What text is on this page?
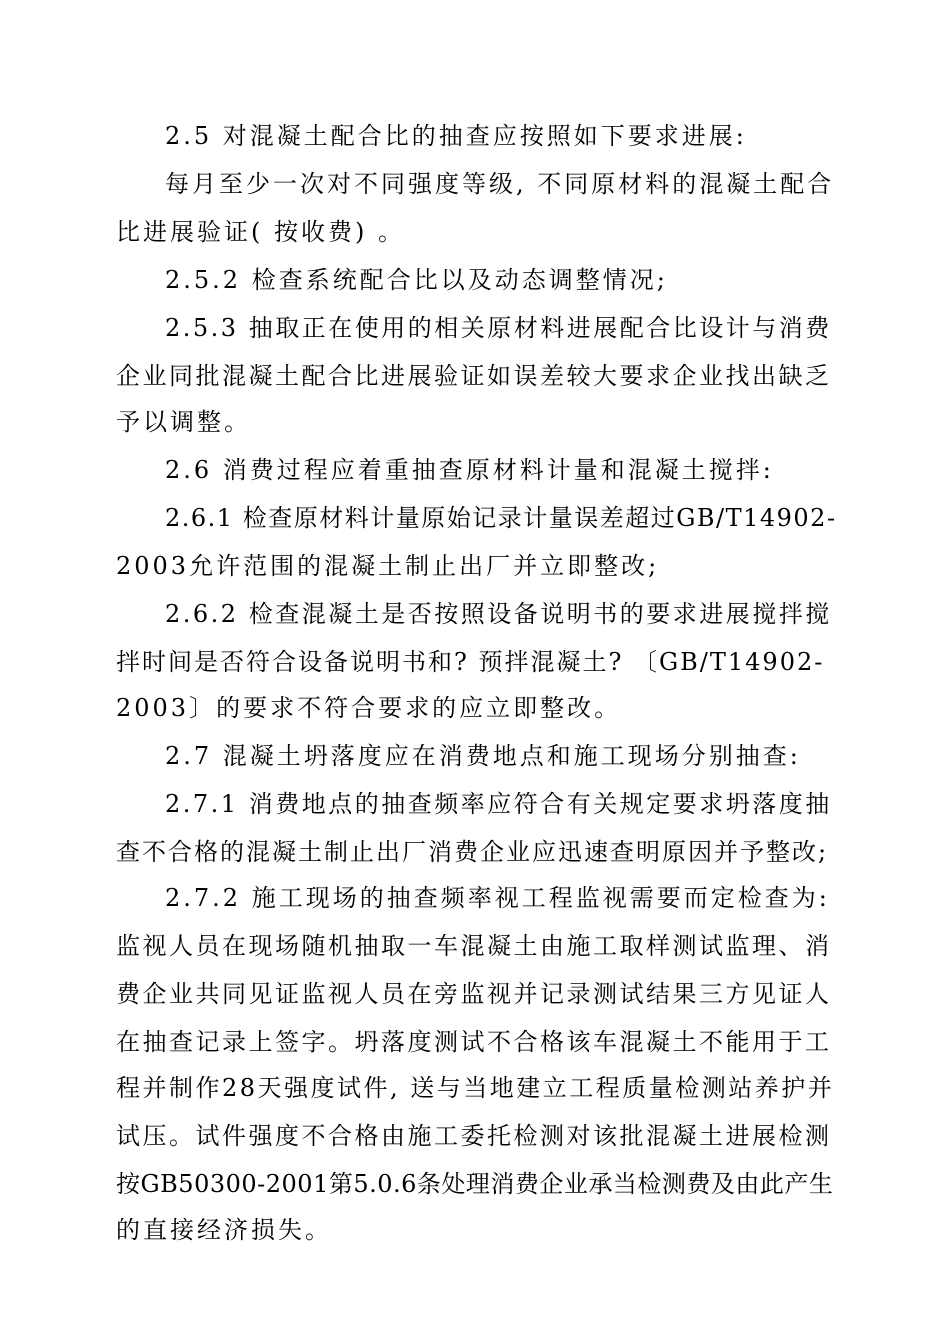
2.5 对混凝土配合比的抽查应按照如下要求进展:
每月至少一次对不同强度等级, 不同原材料的混凝土配合
比进展验证( 按收费) 。
2.5.2 检查系统配合比以及动态调整情况;
2.5.3 抽取正在使用的相关原材料进展配合比设计与消费
企业同批混凝土配合比进展验证如误差较大要求企业找出缺乏
予以调整。
2.6 消费过程应着重抽查原材料计量和混凝土搅拌:
2.6.1 检查原材料计量原始记录计量误差超过GB/T14902-
2003允许范围的混凝土制止出厂并立即整改;
2.6.2 检查混凝土是否按照设备说明书的要求进展搅拌搅
拌时间是否符合设备说明书和? 预拌混凝土? 〔GB/T14902-
2003〕的要求不符合要求的应立即整改。
2.7 混凝土坍落度应在消费地点和施工现场分别抽查:
2.7.1 消费地点的抽查频率应符合有关规定要求坍落度抽
查不合格的混凝土制止出厂消费企业应迅速查明原因并予整改;
2.7.2 施工现场的抽查频率视工程监视需要而定检查为:
监视人员在现场随机抽取一车混凝土由施工取样测试监理、消
费企业共同见证监视人员在旁监视并记录测试结果三方见证人
在抽查记录上签字。坍落度测试不合格该车混凝土不能用于工
程并制作28天强度试件, 送与当地建立工程质量检测站养护并
试压。试件强度不合格由施工委托检测对该批混凝土进展检测
按GB50300-2001第5.0.6条处理消费企业承当检测费及由此产生
的直接经济损失。
